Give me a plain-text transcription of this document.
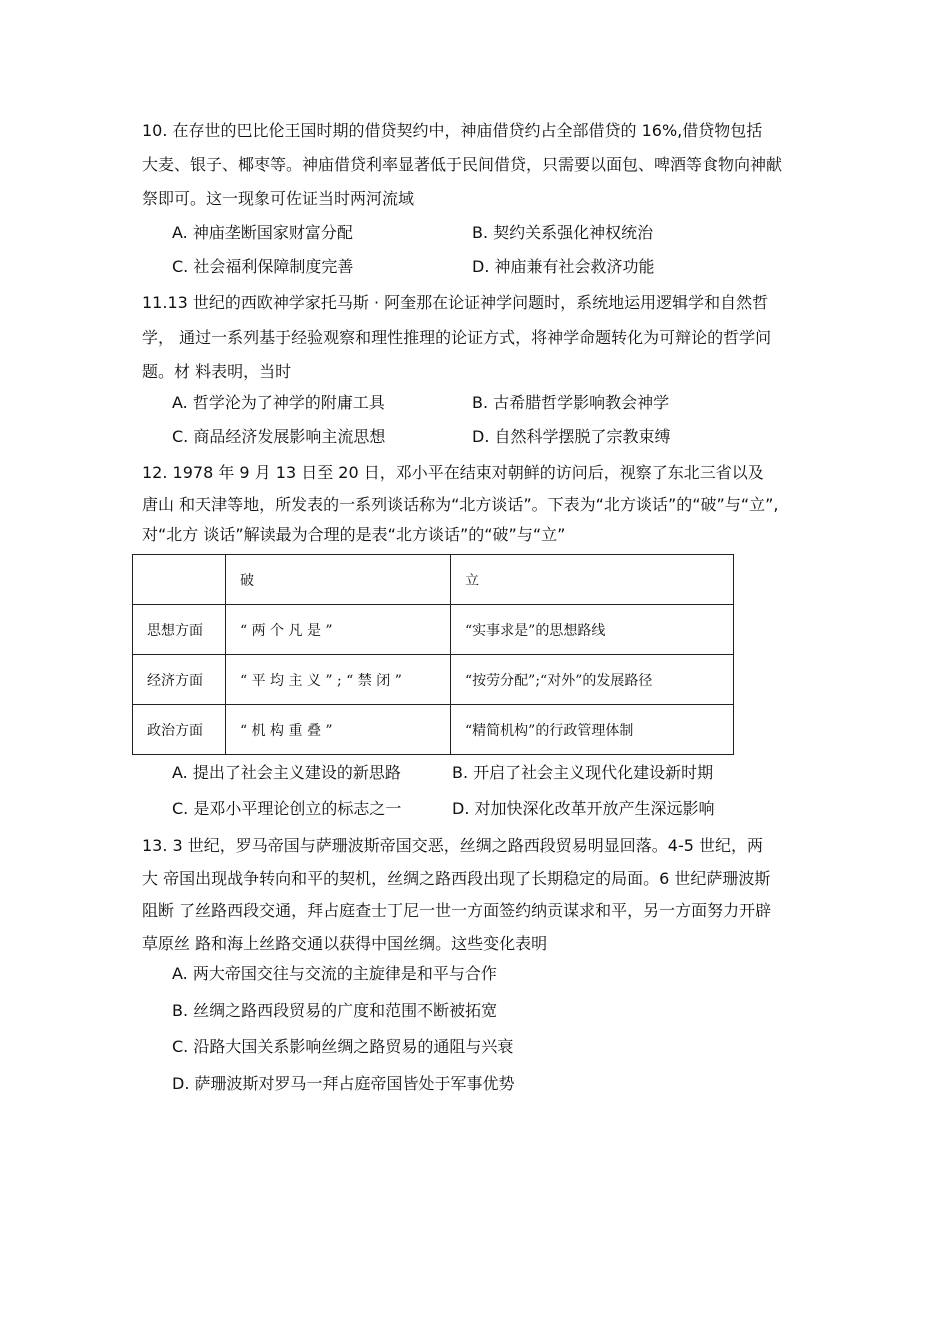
10. 在存世的巴比伦王国时期的借贷契约中，神庙借贷约占全部借贷的 16%,借贷物包括
大麦、银子、椰枣等。神庙借贷利率显著低于民间借贷，只需要以面包、啤酒等食物向神献
祭即可。这一现象可佐证当时两河流域
A. 神庙垄断国家财富分配	B. 契约关系强化神权统治
C. 社会福利保障制度完善	D. 神庙兼有社会救济功能
11.13 世纪的西欧神学家托马斯 · 阿奎那在论证神学问题时，系统地运用逻辑学和自然哲
学， 通过一系列基于经验观察和理性推理的论证方式，将神学命题转化为可辩论的哲学问
题。材 料表明，当时
A. 哲学沦为了神学的附庸工具	B. 古希腊哲学影响教会神学
C. 商品经济发展影响主流思想	D. 自然科学摆脱了宗教束缚
12. 1978 年 9 月 13 日至 20 日，邓小平在结束对朝鲜的访问后，视察了东北三省以及
唐山 和天津等地，所发表的一系列谈话称为“北方谈话”。下表为“北方谈话”的“破”与“立”,
对“北方 谈话”解读最为合理的是表“北方谈话”的“破”与“立”
	破	立
思想方面	“ 两 个 凡 是 ”	“实事求是”的思想路线
经济方面	“ 平 均 主 义 ” ; “ 禁 闭 ”	“按劳分配”;“对外”的发展路径
政治方面	“ 机 构 重 叠 ”	“精简机构”的行政管理体制
A. 提出了社会主义建设的新思路	B. 开启了社会主义现代化建设新时期
C. 是邓小平理论创立的标志之一	D. 对加快深化改革开放产生深远影响
13. 3 世纪，罗马帝国与萨珊波斯帝国交恶，丝绸之路西段贸易明显回落。4-5 世纪，两
大 帝国出现战争转向和平的契机，丝绸之路西段出现了长期稳定的局面。6 世纪萨珊波斯
阻断 了丝路西段交通，拜占庭查士丁尼一世一方面签约纳贡谋求和平，另一方面努力开辟
草原丝 路和海上丝路交通以获得中国丝绸。这些变化表明
A. 两大帝国交往与交流的主旋律是和平与合作
B. 丝绸之路西段贸易的广度和范围不断被拓宽
C. 沿路大国关系影响丝绸之路贸易的通阻与兴衰
D. 萨珊波斯对罗马一拜占庭帝国皆处于军事优势
